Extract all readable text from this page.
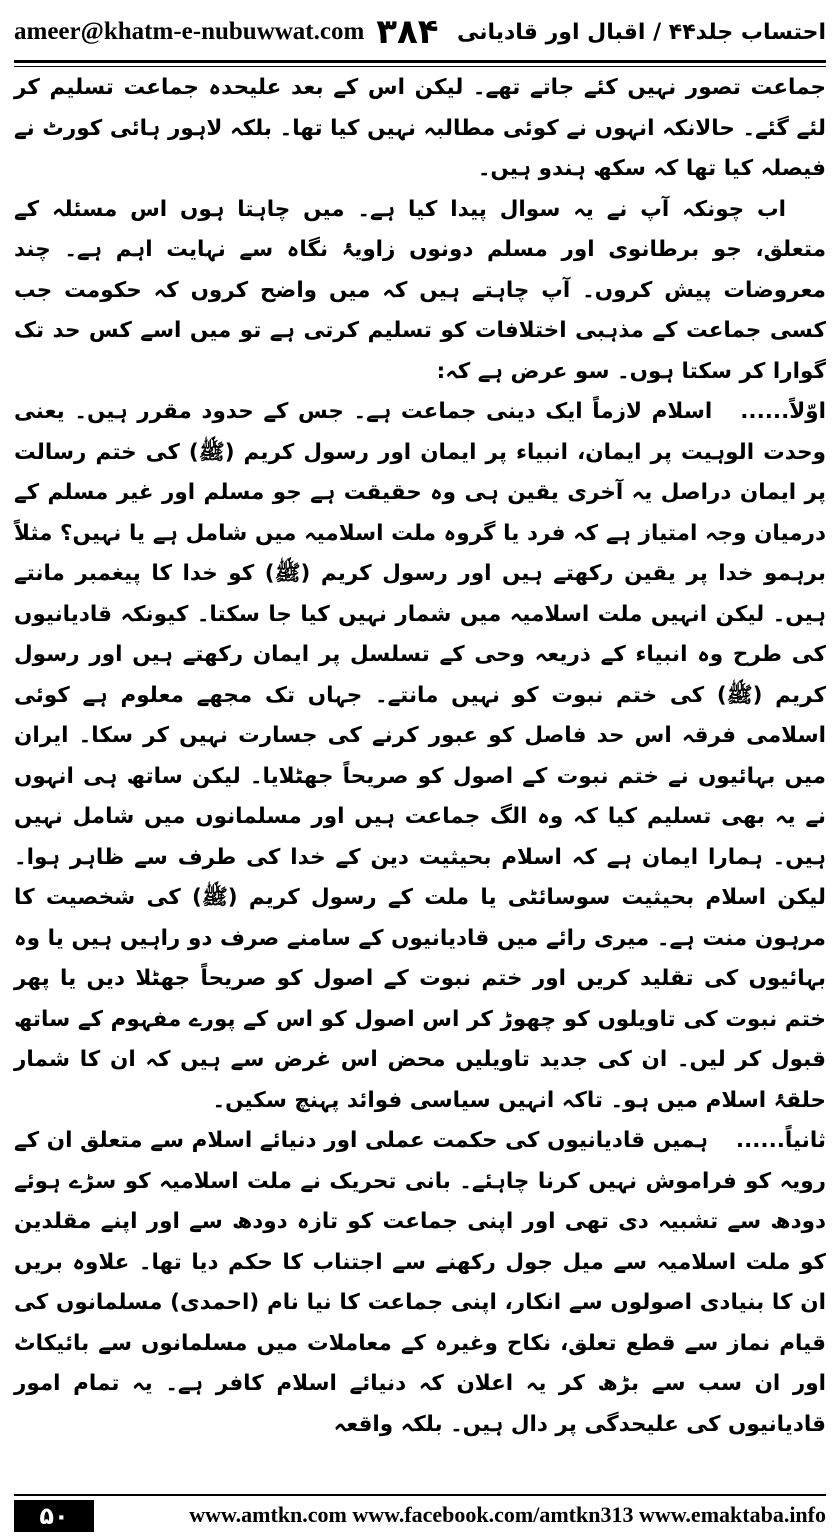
ameer@khatm-e-nubuwwat.com ۳۸۴ احتساب جلد۴۴ / اقبال اور قادیانی

جماعت تصور نہیں کئے جاتے تھے۔ لیکن اس کے بعد علیحدہ جماعت تسلیم کر لئے گئے۔ حالانکہ انہوں نے کوئی مطالبہ نہیں کیا تھا۔ بلکہ لاہور ہائی کورٹ نے فیصلہ کیا تھا کہ سکھ ہندو ہیں۔

اب چونکہ آپ نے یہ سوال پیدا کیا ہے۔ میں چاہتا ہوں اس مسئلہ کے متعلق، جو برطانوی اور مسلم دونوں زاویۂ نگاہ سے نہایت اہم ہے۔ چند معروضات پیش کروں۔ آپ چاہتے ہیں کہ میں واضح کروں کہ حکومت جب کسی جماعت کے مذہبی اختلافات کو تسلیم کرتی ہے تو میں اسے کس حد تک گوارا کر سکتا ہوں۔ سو عرض ہے کہ:

اوّلاً......اسلام لازماً ایک دینی جماعت ہے۔ جس کے حدود مقرر ہیں۔ یعنی وحدت الوہیت پر ایمان، انبیاء پر ایمان اور رسول کریم (ﷺ) کی ختم رسالت پر ایمان دراصل یہ آخری یقین ہی وہ حقیقت ہے جو مسلم اور غیر مسلم کے درمیان وجہ امتیاز ہے کہ فرد یا گروہ ملت اسلامیہ میں شامل ہے یا نہیں؟ مثلاً برہمو خدا پر یقین رکھتے ہیں اور رسول کریم (ﷺ) کو خدا کا پیغمبر مانتے ہیں۔ لیکن انہیں ملت اسلامیہ میں شمار نہیں کیا جا سکتا۔ کیونکہ قادیانیوں کی طرح وہ انبیاء کے ذریعہ وحی کے تسلسل پر ایمان رکھتے ہیں اور رسول کریم (ﷺ) کی ختم نبوت کو نہیں مانتے۔ جہاں تک مجھے معلوم ہے کوئی اسلامی فرقہ اس حد فاصل کو عبور کرنے کی جسارت نہیں کر سکا۔ ایران میں بہائیوں نے ختم نبوت کے اصول کو صریحاً جھٹلایا۔ لیکن ساتھ ہی انہوں نے یہ بھی تسلیم کیا کہ وہ الگ جماعت ہیں اور مسلمانوں میں شامل نہیں ہیں۔ ہمارا ایمان ہے کہ اسلام بحیثیت دین کے خدا کی طرف سے ظاہر ہوا۔ لیکن اسلام بحیثیت سوسائٹی یا ملت کے رسول کریم (ﷺ) کی شخصیت کا مرہون منت ہے۔ میری رائے میں قادیانیوں کے سامنے صرف دو راہیں ہیں یا وہ بہائیوں کی تقلید کریں اور ختم نبوت کے اصول کو صریحاً جھٹلا دیں یا پھر ختم نبوت کی تاویلوں کو چھوڑ کر اس اصول کو اس کے پورے مفہوم کے ساتھ قبول کر لیں۔ ان کی جدید تاویلیں محض اس غرض سے ہیں کہ ان کا شمار حلقۂ اسلام میں ہو۔ تاکہ انہیں سیاسی فوائد پہنچ سکیں۔

ثانیاً......ہمیں قادیانیوں کی حکمت عملی اور دنیائے اسلام سے متعلق ان کے رویہ کو فراموش نہیں کرنا چاہئے۔ بانی تحریک نے ملت اسلامیہ کو سڑے ہوئے دودھ سے تشبیہ دی تھی اور اپنی جماعت کو تازہ دودھ سے اور اپنے مقلدین کو ملت اسلامیہ سے میل جول رکھنے سے اجتناب کا حکم دیا تھا۔ علاوہ بریں ان کا بنیادی اصولوں سے انکار، اپنی جماعت کا نیا نام (احمدی) مسلمانوں کی قیام نماز سے قطع تعلق، نکاح وغیرہ کے معاملات میں مسلمانوں سے بائیکاٹ اور ان سب سے بڑھ کر یہ اعلان کہ دنیائے اسلام کافر ہے۔ یہ تمام امور قادیانیوں کی علیحدگی پر دال ہیں۔ بلکہ واقعہ

۵۰	www.amtkn.com www.facebook.com/amtkn313 www.emaktaba.info
